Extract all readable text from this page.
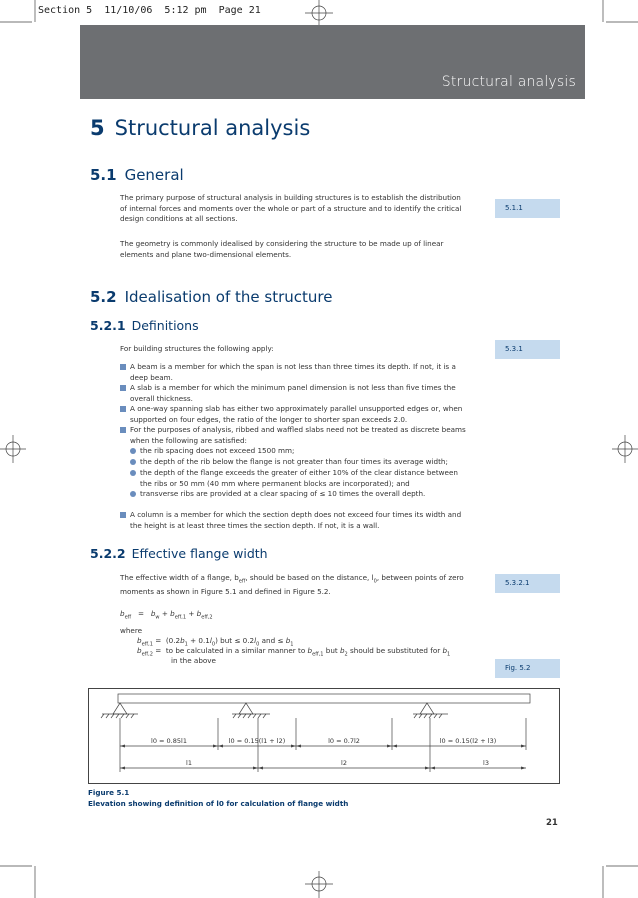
Section 5  11/10/06  5:12 pm  Page 21
Structural analysis
5 Structural analysis
5.1 General
The primary purpose of structural analysis in building structures is to establish the distribution of internal forces and moments over the whole or part of a structure and to identify the critical design conditions at all sections.
The geometry is commonly idealised by considering the structure to be made up of linear elements and plane two-dimensional elements.
5.1.1
5.2 Idealisation of the structure
5.2.1 Definitions
For building structures the following apply:	5.3.1
A beam is a member for which the span is not less than three times its depth. If not, it is a deep beam.
A slab is a member for which the minimum panel dimension is not less than five times the overall thickness.
A one-way spanning slab has either two approximately parallel unsupported edges or, when supported on four edges, the ratio of the longer to shorter span exceeds 2.0.
For the purposes of analysis, ribbed and waffled slabs need not be treated as discrete beams when the following are satisfied:
the rib spacing does not exceed 1500 mm;
the depth of the rib below the flange is not greater than four times its average width;
the depth of the flange exceeds the greater of either 10% of the clear distance between the ribs or 50 mm (40 mm where permanent blocks are incorporated); and
transverse ribs are provided at a clear spacing of ≤ 10 times the overall depth.
A column is a member for which the section depth does not exceed four times its width and the height is at least three times the section depth. If not, it is a wall.
5.2.2 Effective flange width
The effective width of a flange, $b_{eff}$, should be based on the distance, $l_0$, between points of zero moments as shown in Figure 5.1 and defined in Figure 5.2.
5.3.2.1
$b_{eff} = b_w + b_{eff,1} + b_{eff,2}$
where
$b_{eff,1} = (0.2b_1 + 0.1l_0)$ but ≤ $0.2l_0$ and ≤ $b_1$
$b_{eff,2}$ =  to be calculated in a similar manner to $b_{eff,1}$ but $b_2$ should be substituted for $b_1$
in the above
Fig. 5.2
l0 = 0.85l1	l0 = 0.15(l1 + l2)	l0 = 0.7l2	l0 = 0.15(l2 + l3)
l1	l2	l3
Figure 5.1
Elevation showing definition of l0 for calculation of flange width
21
